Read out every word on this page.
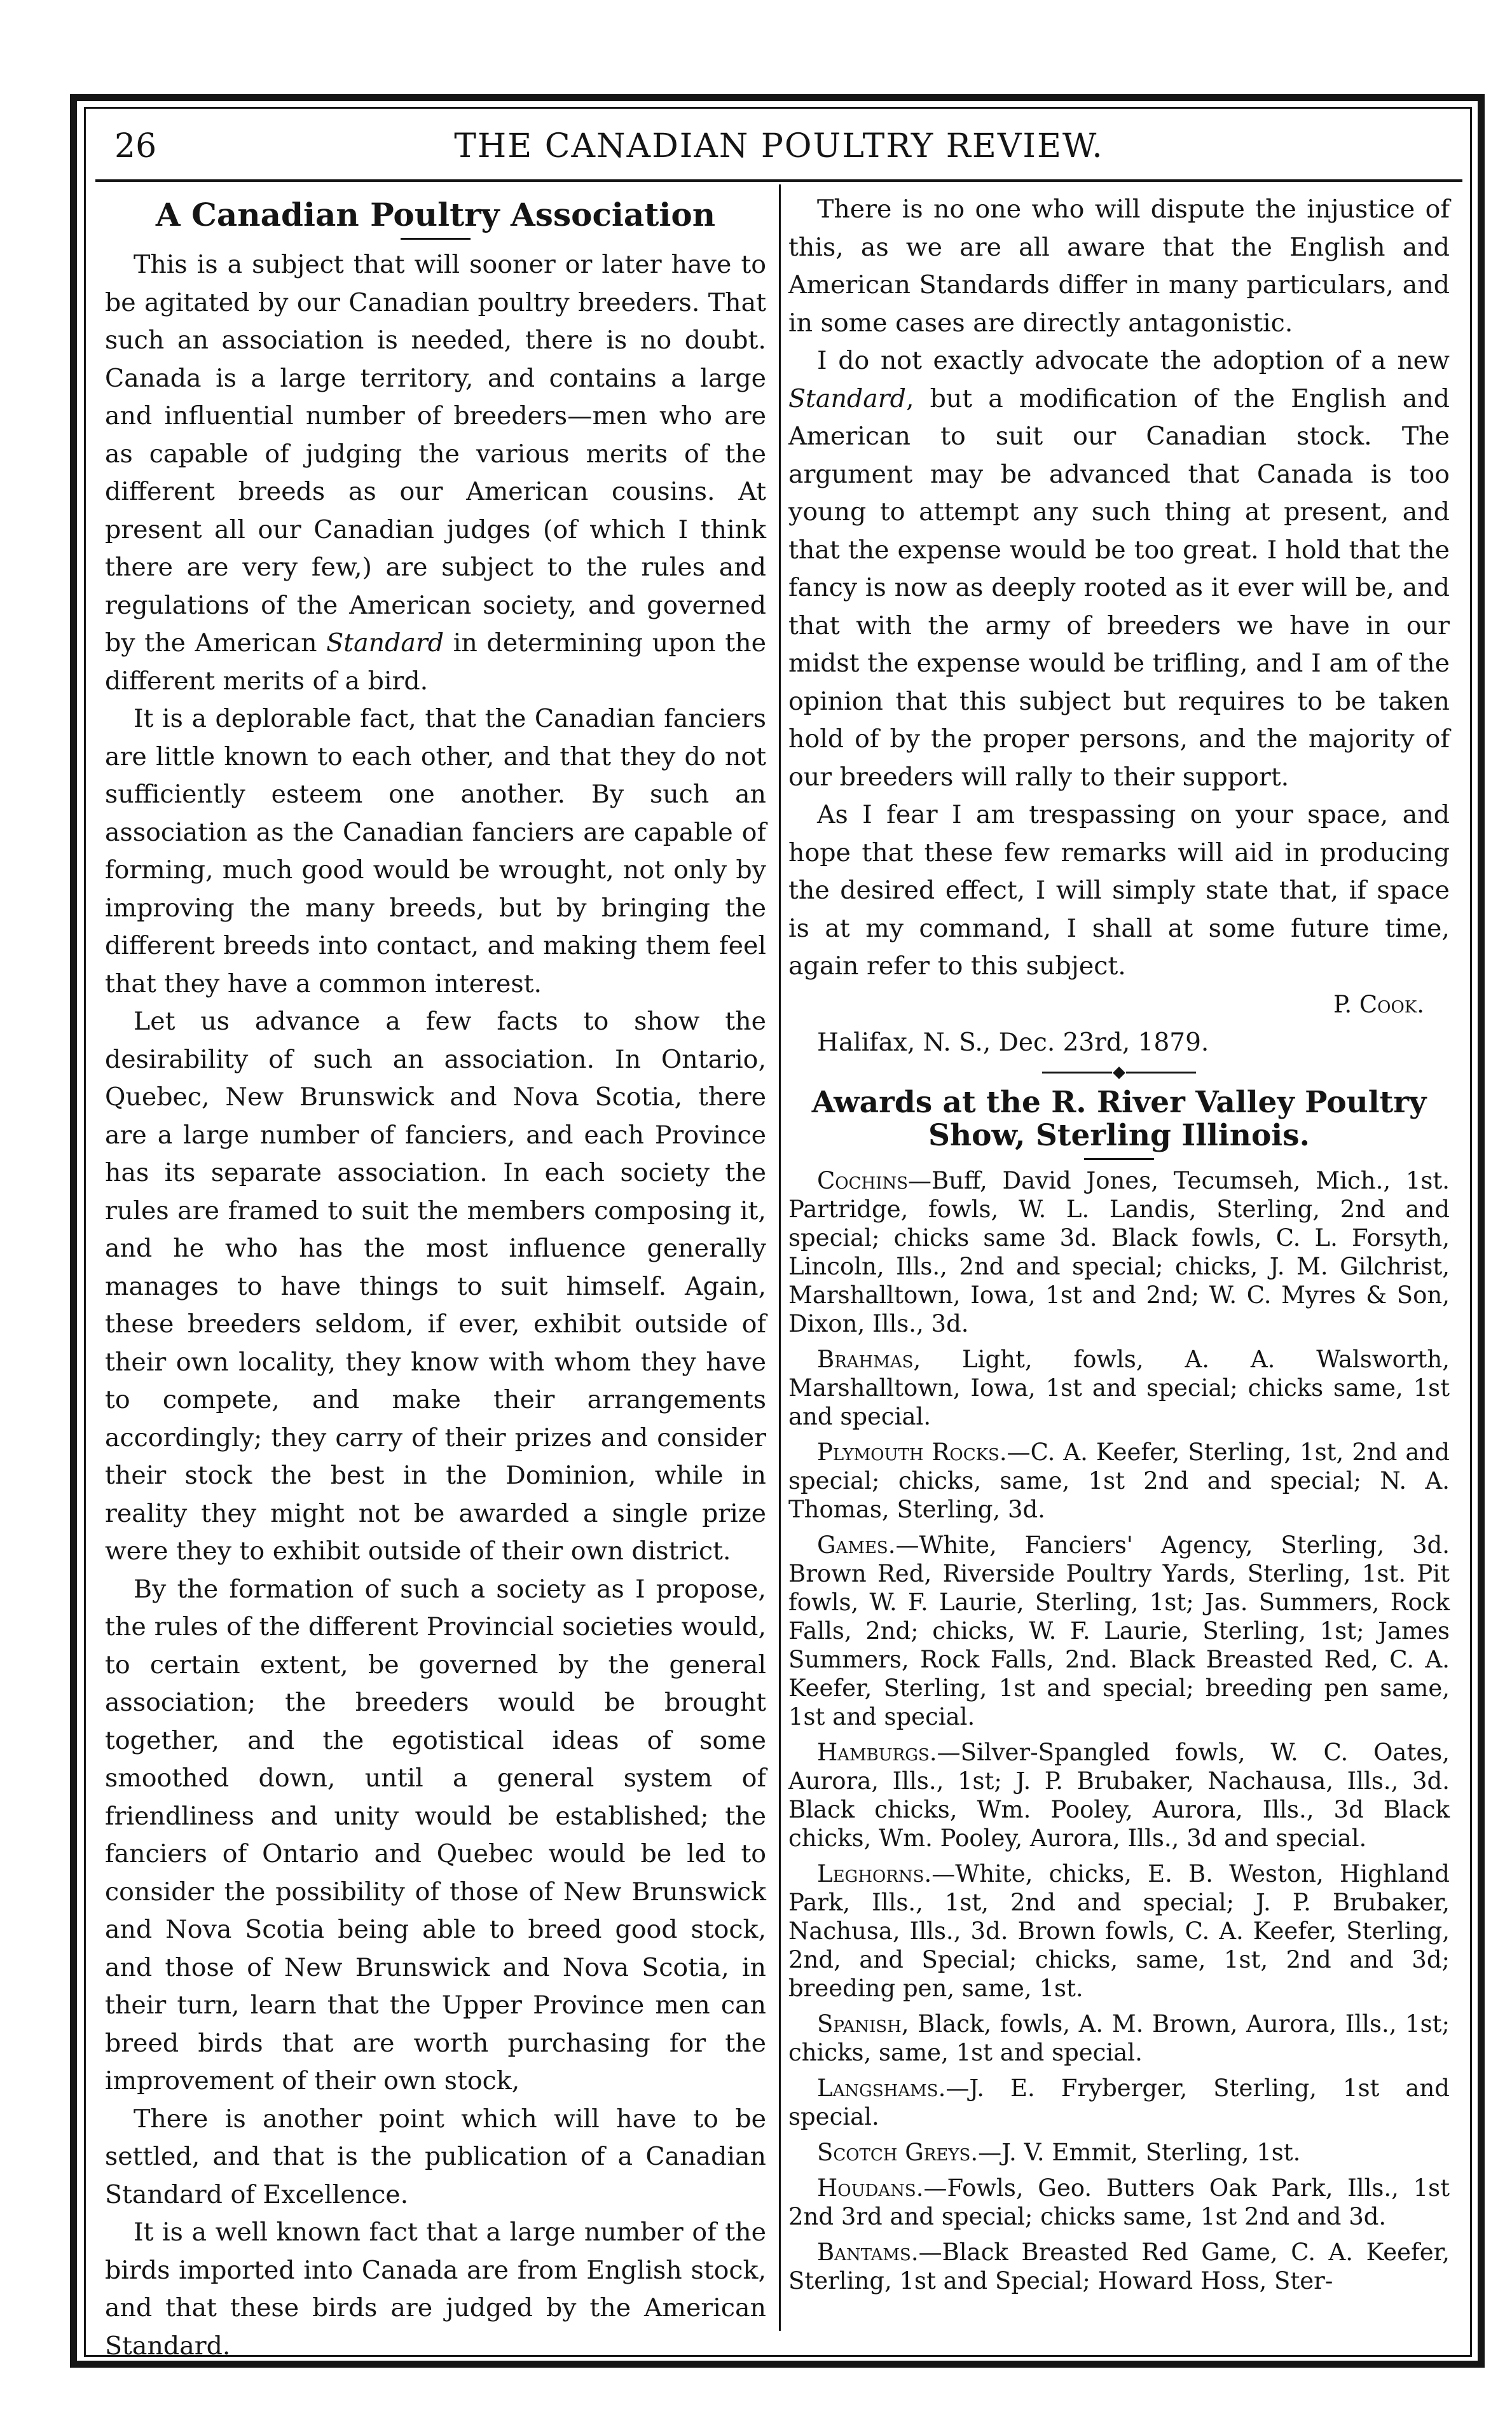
26	THE CANADIAN POULTRY REVIEW.
A Canadian Poultry Association

This is a subject that will sooner or later have to be agitated by our Canadian poultry breeders. That such an association is needed, there is no doubt. Canada is a large territory, and contains a large and influential number of breeders—men who are as capable of judging the various merits of the different breeds as our American cousins. At present all our Canadian judges (of which I think there are very few,) are subject to the rules and regulations of the American society, and governed by the American Standard in determining upon the different merits of a bird.

It is a deplorable fact, that the Canadian fanciers are little known to each other, and that they do not sufficiently esteem one another. By such an association as the Canadian fanciers are capable of forming, much good would be wrought, not only by improving the many breeds, but by bringing the different breeds into contact, and making them feel that they have a common interest.

Let us advance a few facts to show the desirability of such an association. In Ontario, Quebec, New Brunswick and Nova Scotia, there are a large number of fanciers, and each Province has its separate association. In each society the rules are framed to suit the members composing it, and he who has the most influence generally manages to have things to suit himself. Again, these breeders seldom, if ever, exhibit outside of their own locality, they know with whom they have to compete, and make their arrangements accordingly; they carry of their prizes and consider their stock the best in the Dominion, while in reality they might not be awarded a single prize were they to exhibit outside of their own district.

By the formation of such a society as I propose, the rules of the different Provincial societies would, to certain extent, be governed by the general association; the breeders would be brought together, and the egotistical ideas of some smoothed down, until a general system of friendliness and unity would be established; the fanciers of Ontario and Quebec would be led to consider the possibility of those of New Brunswick and Nova Scotia being able to breed good stock, and those of New Brunswick and Nova Scotia, in their turn, learn that the Upper Province men can breed birds that are worth purchasing for the improvement of their own stock,

There is another point which will have to be settled, and that is the publication of a Canadian Standard of Excellence.

It is a well known fact that a large number of the birds imported into Canada are from English stock, and that these birds are judged by the American Standard.

There is no one who will dispute the injustice of this, as we are all aware that the English and American Standards differ in many particulars, and in some cases are directly antagonistic.

I do not exactly advocate the adoption of a new Standard, but a modification of the English and American to suit our Canadian stock. The argument may be advanced that Canada is too young to attempt any such thing at present, and that the expense would be too great. I hold that the fancy is now as deeply rooted as it ever will be, and that with the army of breeders we have in our midst the expense would be trifling, and I am of the opinion that this subject but requires to be taken hold of by the proper persons, and the majority of our breeders will rally to their support.

As I fear I am trespassing on your space, and hope that these few remarks will aid in producing the desired effect, I will simply state that, if space is at my command, I shall at some future time, again refer to this subject.

P. Cook.
Halifax, N. S., Dec. 23rd, 1879.
Awards at the R. River Valley Poultry Show, Sterling Illinois.

Cochins—Buff, David Jones, Tecumseh, Mich., 1st. Partridge, fowls, W. L. Landis, Sterling, 2nd and special; chicks same 3d. Black fowls, C. L. Forsyth, Lincoln, Ills., 2nd and special; chicks, J. M. Gilchrist, Marshalltown, Iowa, 1st and 2nd; W. C. Myres & Son, Dixon, Ills., 3d.

Brahmas, Light, fowls, A. A. Walsworth, Marshalltown, Iowa, 1st and special; chicks same, 1st and special.

Plymouth Rocks.—C. A. Keefer, Sterling, 1st, 2nd and special; chicks, same, 1st 2nd and special; N. A. Thomas, Sterling, 3d.

Games.—White, Fanciers' Agency, Sterling, 3d. Brown Red, Riverside Poultry Yards, Sterling, 1st. Pit fowls, W. F. Laurie, Sterling, 1st; Jas. Summers, Rock Falls, 2nd; chicks, W. F. Laurie, Sterling, 1st; James Summers, Rock Falls, 2nd. Black Breasted Red, C. A. Keefer, Sterling, 1st and special; breeding pen same, 1st and special.

Hamburgs.—Silver-Spangled fowls, W. C. Oates, Aurora, Ills., 1st; J. P. Brubaker, Nachausa, Ills., 3d. Black chicks, Wm. Pooley, Aurora, Ills., 3d Black chicks, Wm. Pooley, Aurora, Ills., 3d and special.

Leghorns.—White, chicks, E. B. Weston, Highland Park, Ills., 1st, 2nd and special; J. P. Brubaker, Nachusa, Ills., 3d. Brown fowls, C. A. Keefer, Sterling, 2nd, and Special; chicks, same, 1st, 2nd and 3d; breeding pen, same, 1st.

Spanish, Black, fowls, A. M. Brown, Aurora, Ills., 1st; chicks, same, 1st and special.

Langshams.—J. E. Fryberger, Sterling, 1st and special.

Scotch Greys.—J. V. Emmit, Sterling, 1st.

Houdans.—Fowls, Geo. Butters Oak Park, Ills., 1st 2nd 3rd and special; chicks same, 1st 2nd and 3d.

Bantams.—Black Breasted Red Game, C. A. Keefer, Sterling, 1st and Special; Howard Hoss, Ster-
